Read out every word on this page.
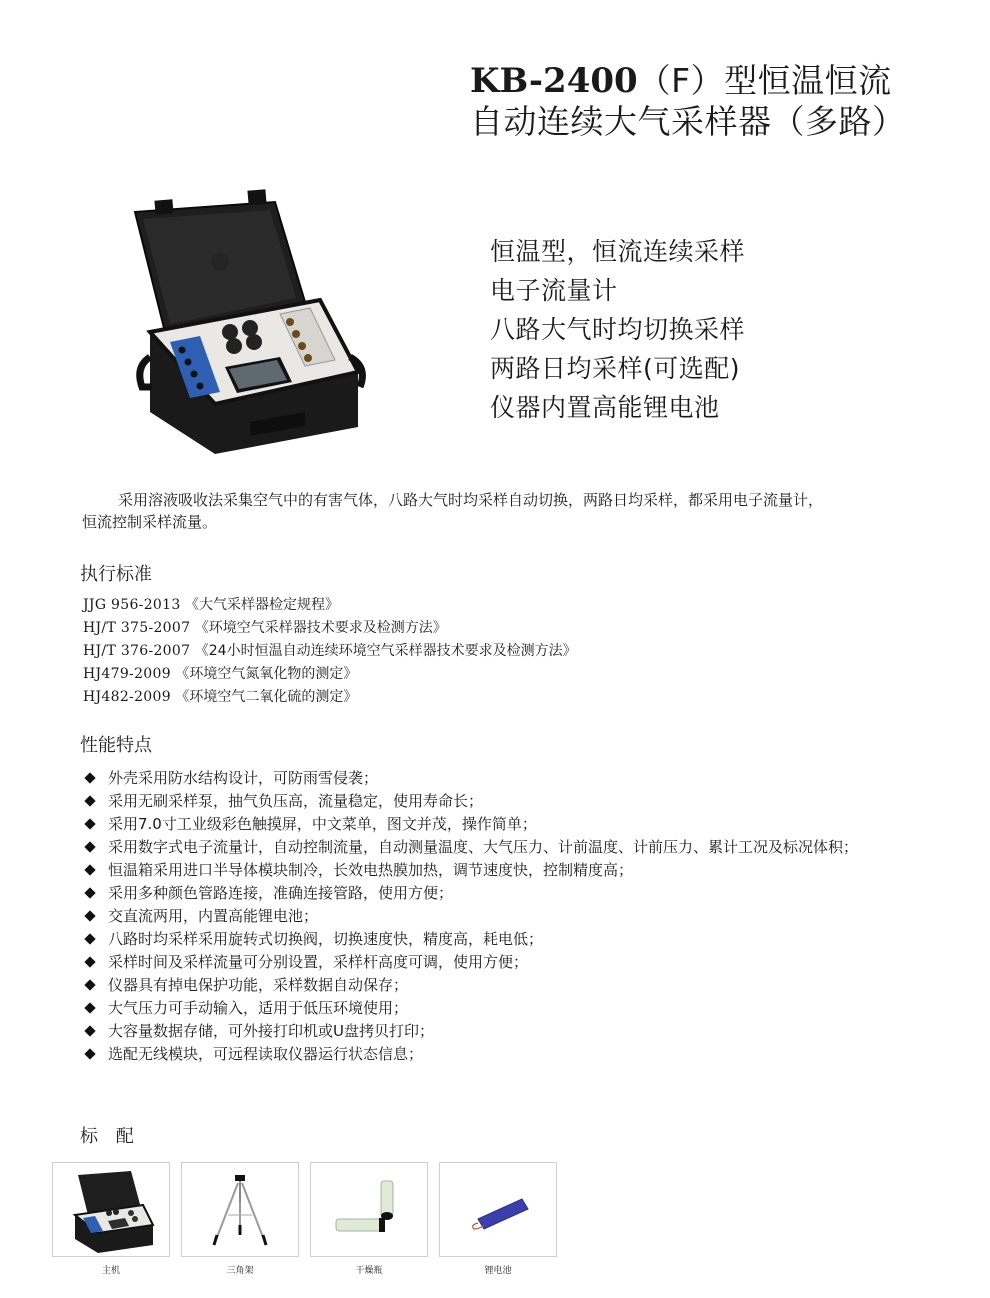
KB-2400（F）型恒温恒流
自动连续大气采样器（多路）
恒温型，恒流连续采样
电子流量计
八路大气时均切换采样
两路日均采样(可选配)
仪器内置高能锂电池

采用溶液吸收法采集空气中的有害气体，八路大气时均采样自动切换，两路日均采样，都采用电子流量计，

恒流控制采样流量。
执行标准
JJG 956-2013 《大气采样器检定规程》
HJ/T 375-2007 《环境空气采样器技术要求及检测方法》
HJ/T 376-2007 《24小时恒温自动连续环境空气采样器技术要求及检测方法》
HJ479-2009 《环境空气氮氧化物的测定》
HJ482-2009 《环境空气二氧化硫的测定》
性能特点
外壳采用防水结构设计，可防雨雪侵袭；
采用无刷采样泵，抽气负压高，流量稳定，使用寿命长；
采用7.0寸工业级彩色触摸屏，中文菜单，图文并茂，操作简单；
采用数字式电子流量计，自动控制流量，自动测量温度、大气压力、计前温度、计前压力、累计工况及标况体积；
恒温箱采用进口半导体模块制冷，长效电热膜加热，调节速度快，控制精度高；
采用多种颜色管路连接，准确连接管路，使用方便；
交直流两用，内置高能锂电池；
八路时均采样采用旋转式切换阀，切换速度快，精度高，耗电低；
采样时间及采样流量可分别设置，采样杆高度可调，使用方便；
仪器具有掉电保护功能，采样数据自动保存；
大气压力可手动输入，适用于低压环境使用；
大容量数据存储，可外接打印机或U盘拷贝打印；
选配无线模块，可远程读取仪器运行状态信息；
标 配
主机	三角架	干燥瓶	锂电池
